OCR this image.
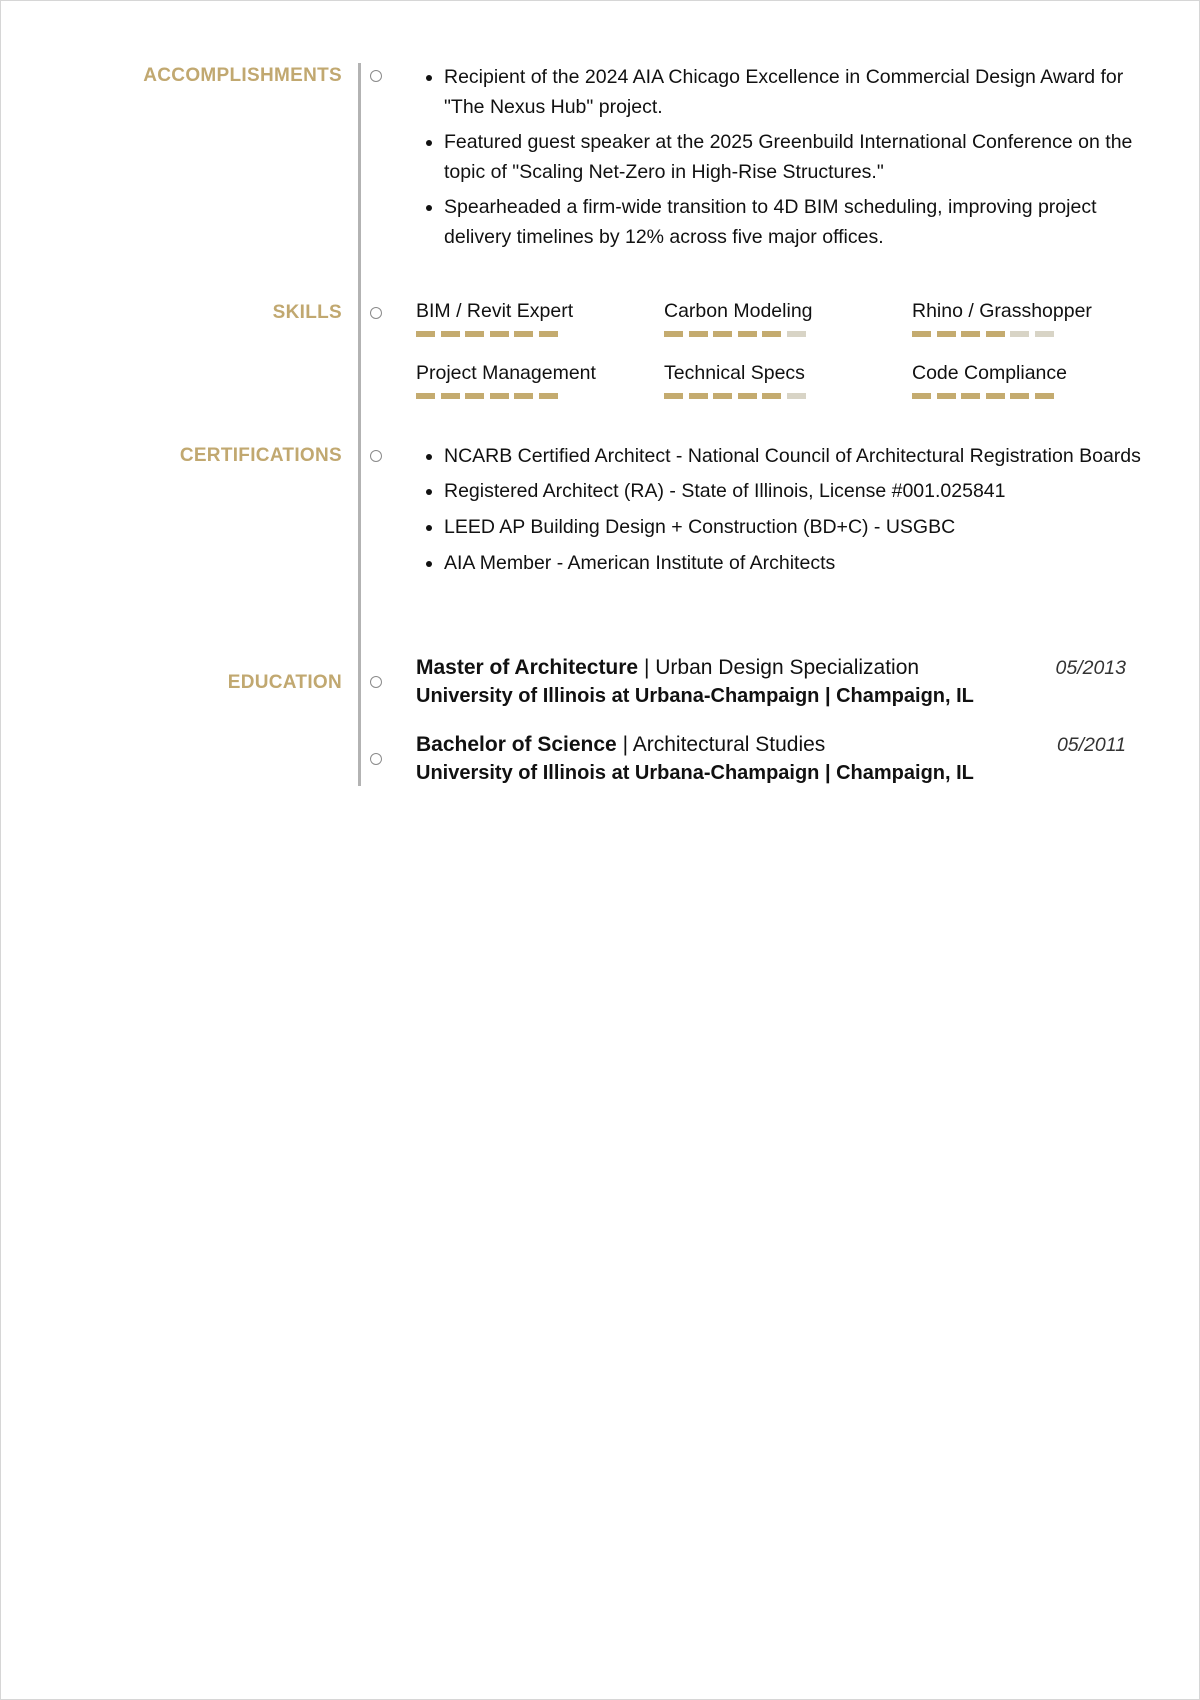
ACCOMPLISHMENTS	• Recipient of the 2024 AIA Chicago Excellence in Commercial Design Award for "The Nexus Hub" project.
• Featured guest speaker at the 2025 Greenbuild International Conference on the topic of "Scaling Net-Zero in High-Rise Structures."
• Spearheaded a firm-wide transition to 4D BIM scheduling, improving project delivery timelines by 12% across five major offices.
SKILLS	BIM / Revit Expert	Carbon Modeling	Rhino / Grasshopper
Project Management	Technical Specs	Code Compliance
CERTIFICATIONS	• NCARB Certified Architect - National Council of Architectural Registration Boards
• Registered Architect (RA) - State of Illinois, License #001.025841
• LEED AP Building Design + Construction (BD+C) - USGBC
• AIA Member - American Institute of Architects
EDUCATION
Master of Architecture | Urban Design Specialization
University of Illinois at Urbana-Champaign | Champaign, IL
05/2013
Bachelor of Science | Architectural Studies
University of Illinois at Urbana-Champaign | Champaign, IL
05/2011
